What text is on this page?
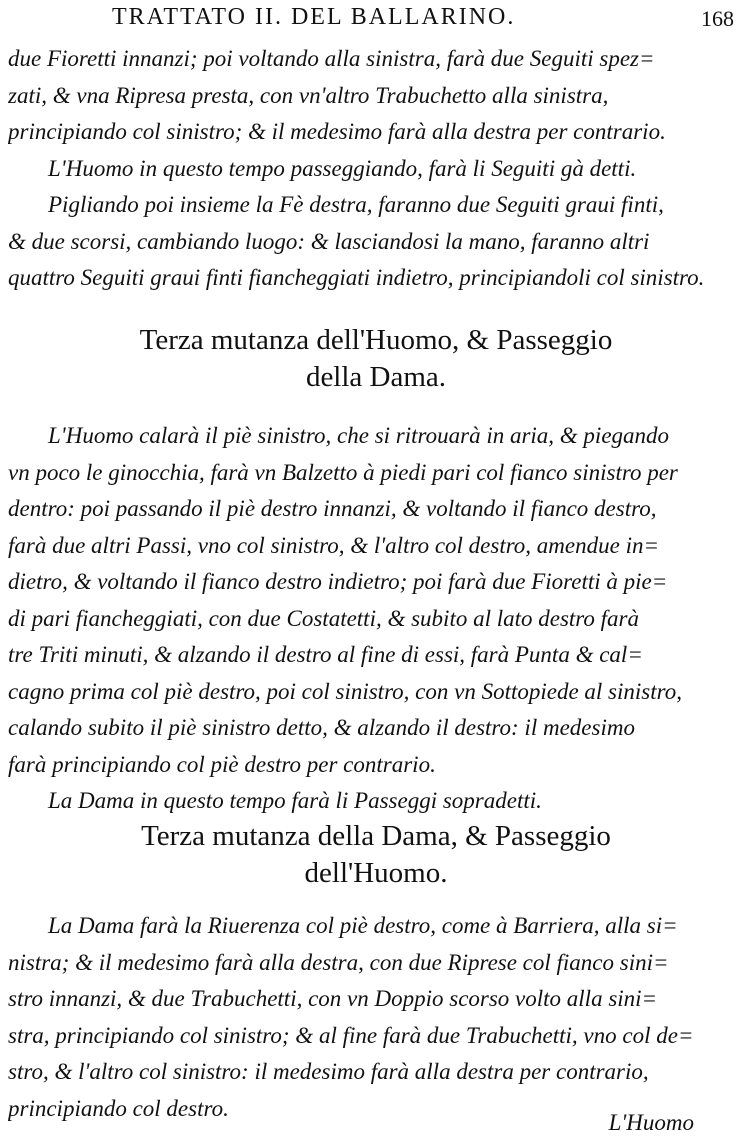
TRATTATO II. DEL BALLARINO.	168
due Fioretti innanzi; poi voltando alla sinistra, farà due Seguiti spez=
zati, & vna Ripresa presta, con vn'altro Trabuchetto alla sinistra,
principiando col sinistro; & il medesimo farà alla destra per contrario.
L'Huomo in questo tempo passeggiando, farà li Seguiti gà detti.
Pigliando poi insieme la Fè destra, faranno due Seguiti graui finti,
& due scorsi, cambiando luogo: & lasciandosi la mano, faranno altri
quattro Seguiti graui finti fiancheggiati indietro, principiandoli col sinistro.
Terza mutanza dell'Huomo, & Passeggio
della Dama.
L'Huomo calarà il piè sinistro, che si ritrouarà in aria, & piegando
vn poco le ginocchia, farà vn Balzetto à piedi pari col fianco sinistro per
dentro: poi passando il piè destro innanzi, & voltando il fianco destro,
farà due altri Passi, vno col sinistro, & l'altro col destro, amendue in=
dietro, & voltando il fianco destro indietro; poi farà due Fioretti à pie=
di pari fiancheggiati, con due Costatetti, & subito al lato destro farà
tre Triti minuti, & alzando il destro al fine di essi, farà Punta & cal=
cagno prima col piè destro, poi col sinistro, con vn Sottopiede al sinistro,
calando subito il piè sinistro detto, & alzando il destro: il medesimo
farà principiando col piè destro per contrario.
La Dama in questo tempo farà li Passeggi sopradetti.
Terza mutanza della Dama, & Passeggio
dell'Huomo.
La Dama farà la Riuerenza col piè destro, come à Barriera, alla si=
nistra; & il medesimo farà alla destra, con due Riprese col fianco sini=
stro innanzi, & due Trabuchetti, con vn Doppio scorso volto alla sini=
stra, principiando col sinistro; & al fine farà due Trabuchetti, vno col de=
stro, & l'altro col sinistro: il medesimo farà alla destra per contrario,
principiando col destro.
L'Huomo
